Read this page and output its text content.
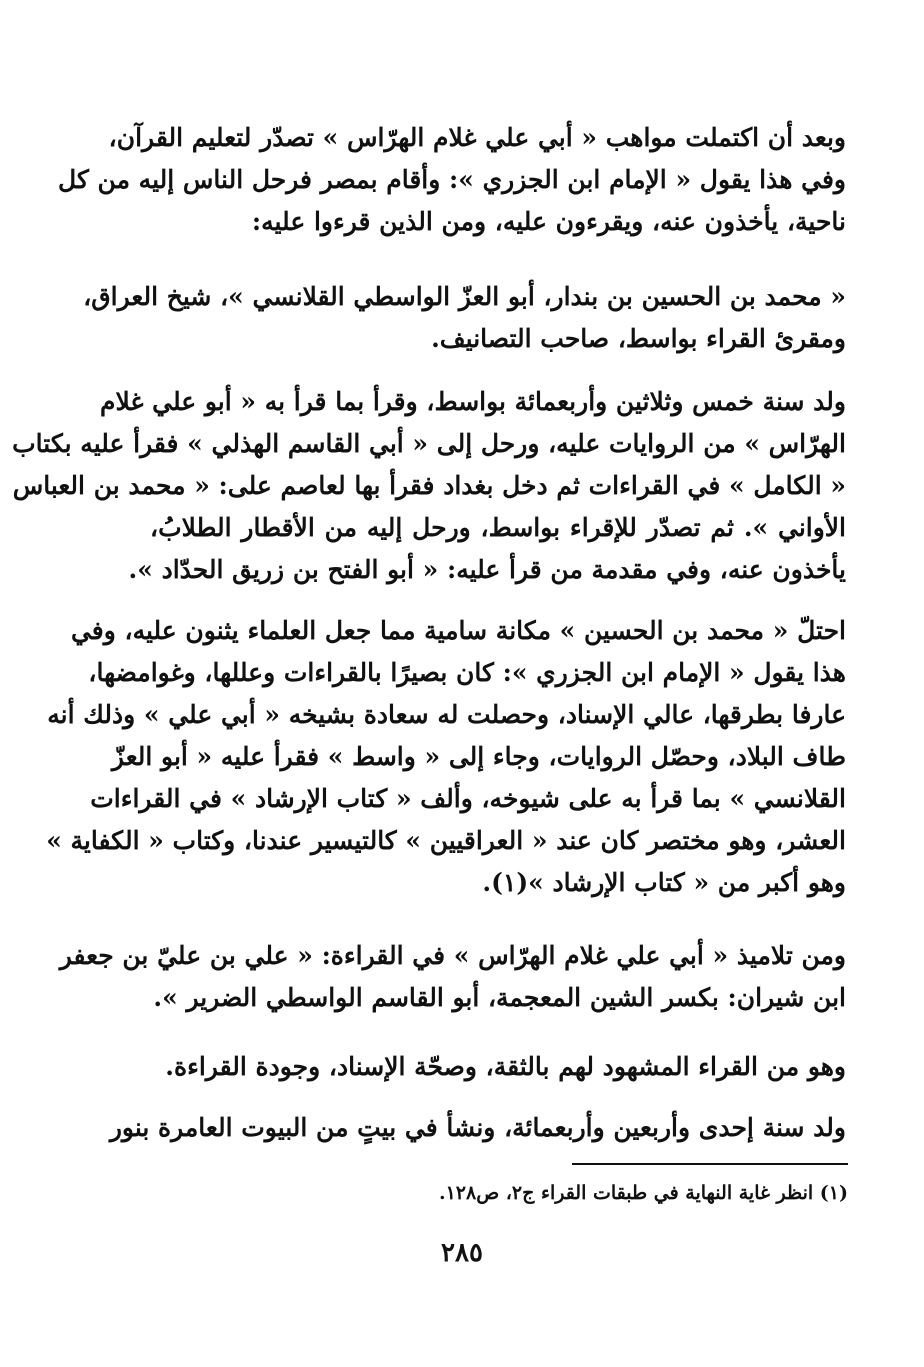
وبعد أن اكتملت مواهب « أبي علي غلام الهرّاس » تصدّر لتعليم القرآن،
وفي هذا يقول « الإمام ابن الجزري »: وأقام بمصر فرحل الناس إليه من كل
ناحية، يأخذون عنه، ويقرءون عليه، ومن الذين قرءوا عليه:
« محمد بن الحسين بن بندار، أبو العزّ الواسطي القلانسي »، شيخ العراق،
ومقرئ القراء بواسط، صاحب التصانيف.
ولد سنة خمس وثلاثين وأربعمائة بواسط، وقرأ بما قرأ به « أبو علي غلام
الهرّاس » من الروايات عليه، ورحل إلى « أبي القاسم الهذلي » فقرأ عليه بكتاب
« الكامل » في القراءات ثم دخل بغداد فقرأ بها لعاصم على: « محمد بن العباس
الأواني ». ثم تصدّر للإقراء بواسط، ورحل إليه من الأقطار الطلابُ،
يأخذون عنه، وفي مقدمة من قرأ عليه: « أبو الفتح بن زريق الحدّاد ».
احتلّ « محمد بن الحسين » مكانة سامية مما جعل العلماء يثنون عليه، وفي
هذا يقول « الإمام ابن الجزري »: كان بصيرًا بالقراءات وعللها، وغوامضها،
عارفا بطرقها، عالي الإسناد، وحصلت له سعادة بشيخه « أبي علي » وذلك أنه
طاف البلاد، وحصّل الروايات، وجاء إلى « واسط » فقرأ عليه « أبو العزّ
القلانسي » بما قرأ به على شيوخه، وألف « كتاب الإرشاد » في القراءات
العشر، وهو مختصر كان عند « العراقيين » كالتيسير عندنا، وكتاب « الكفاية »
وهو أكبر من « كتاب الإرشاد »(١).
ومن تلاميذ « أبي علي غلام الهرّاس » في القراءة: « علي بن عليّ بن جعفر
ابن شيران: بكسر الشين المعجمة، أبو القاسم الواسطي الضرير ».
وهو من القراء المشهود لهم بالثقة، وصحّة الإسناد، وجودة القراءة.
ولد سنة إحدى وأربعين وأربعمائة، ونشأ في بيتٍ من البيوت العامرة بنور
(١) انظر غاية النهاية في طبقات القراء ج٢، ص١٢٨.
٢٨٥
